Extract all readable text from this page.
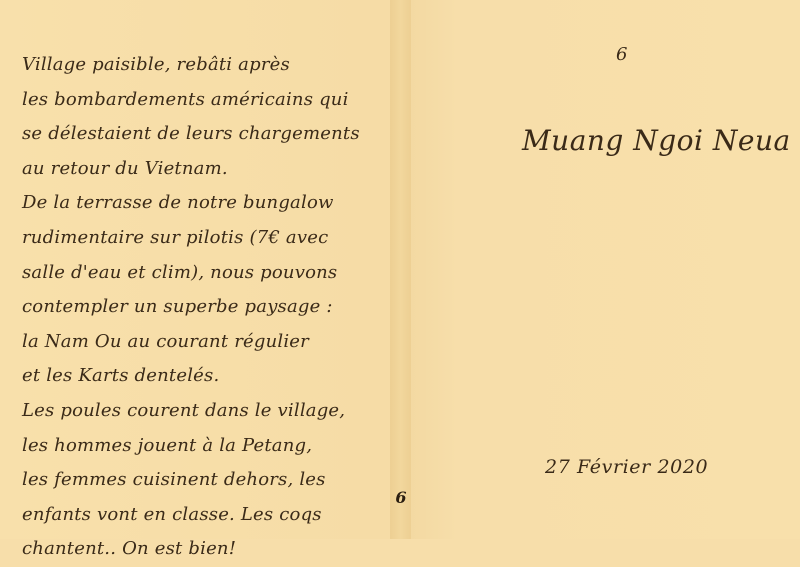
Village paisible, rebâti après
les bombardements américains qui
se délestaient de leurs chargements
au retour du Vietnam.
De la terrasse de notre bungalow
rudimentaire sur pilotis (7€ avec
salle d'eau et clim), nous pouvons
contempler un superbe paysage :
la Nam Ou au courant régulier
et les Karts dentelés.
Les poules courent dans le village,
les hommes jouent à la Petang,
les femmes cuisinent dehors, les
enfants vont en classe. Les coqs
chantent.. On est bien!
6
6
Muang Ngoi Neua
27 Février 2020
